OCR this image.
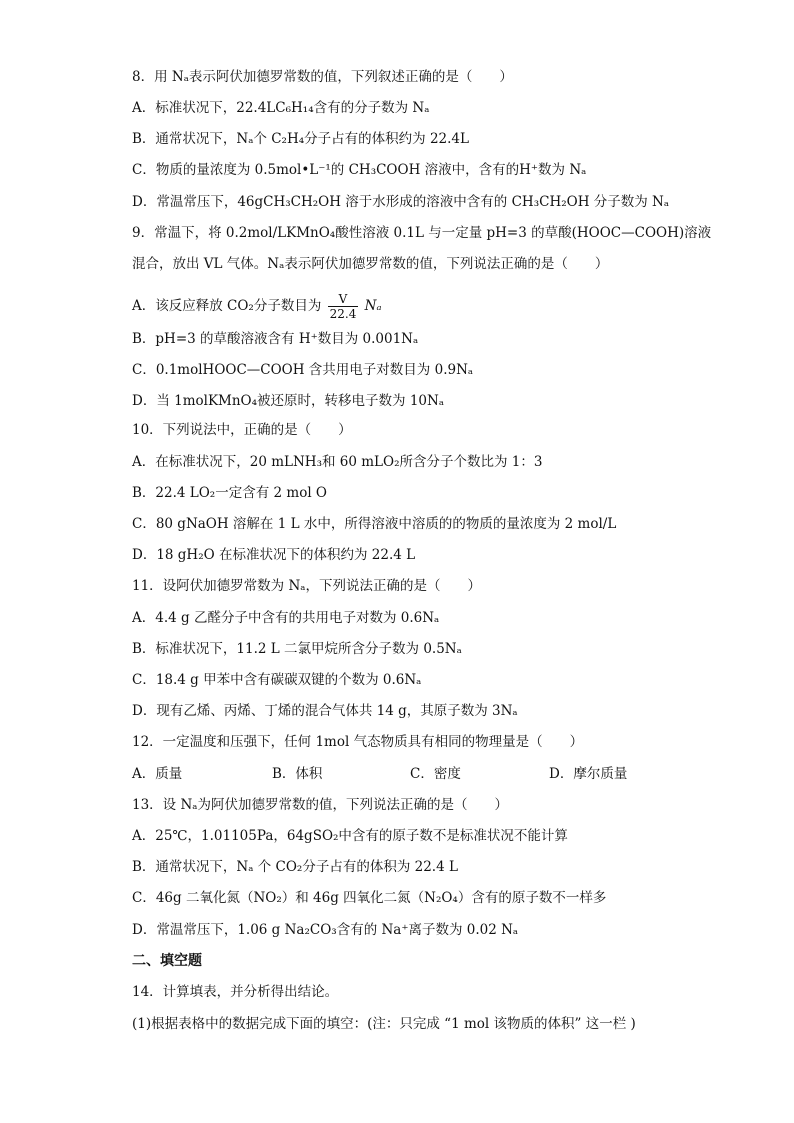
8．用 Nₐ表示阿伏加德罗常数的值，下列叙述正确的是（　　）
A．标准状况下，22.4LC₆H₁₄含有的分子数为 Nₐ
B．通常状况下，Nₐ个 C₂H₄分子占有的体积约为 22.4L
C．物质的量浓度为 0.5mol•L⁻¹的 CH₃COOH 溶液中，含有的H⁺数为 Nₐ
D．常温常压下，46gCH₃CH₂OH 溶于水形成的溶液中含有的 CH₃CH₂OH 分子数为 Nₐ
9．常温下，将 0.2mol/LKMnO₄酸性溶液 0.1L 与一定量 pH=3 的草酸(HOOC—COOH)溶液
混合，放出 VL 气体。Nₐ表示阿伏加德罗常数的值，下列说法正确的是（　　）
A．该反应释放 CO₂分子数目为 $\frac{V}{22.4}$ Nₐ
B．pH=3 的草酸溶液含有 H⁺数目为 0.001Nₐ
C．0.1molHOOC—COOH 含共用电子对数目为 0.9Nₐ
D．当 1molKMnO₄被还原时，转移电子数为 10Nₐ
10．下列说法中，正确的是（　　）
A．在标准状况下，20 mLNH₃和 60 mLO₂所含分子个数比为 1：3
B．22.4 LO₂一定含有 2 mol O
C．80 gNaOH 溶解在 1 L 水中，所得溶液中溶质的的物质的量浓度为 2 mol/L
D．18 gH₂O 在标准状况下的体积约为 22.4 L
11．设阿伏加德罗常数为 Nₐ，下列说法正确的是（　　）
A．4.4 g 乙醛分子中含有的共用电子对数为 0.6Nₐ
B．标准状况下，11.2 L 二氯甲烷所含分子数为 0.5Nₐ
C．18.4 g 甲苯中含有碳碳双键的个数为 0.6Nₐ
D．现有乙烯、丙烯、丁烯的混合气体共 14 g，其原子数为 3Nₐ
12．一定温度和压强下，任何 1mol 气态物质具有相同的物理量是（　　）
A．质量	B．体积	C．密度	D．摩尔质量
13．设 Nₐ为阿伏加德罗常数的值，下列说法正确的是（　　）
A．25℃，1.01105Pa，64gSO₂中含有的原子数不是标准状况不能计算
B．通常状况下，Nₐ 个 CO₂分子占有的体积为 22.4 L
C．46g 二氧化氮（NO₂）和 46g 四氧化二氮（N₂O₄）含有的原子数不一样多
D．常温常压下，1.06 g Na₂CO₃含有的 Na⁺离子数为 0.02 Nₐ
二、填空题
14．计算填表，并分析得出结论。
(1)根据表格中的数据完成下面的填空：(注：只完成 “1 mol 该物质的体积” 这一栏 )
